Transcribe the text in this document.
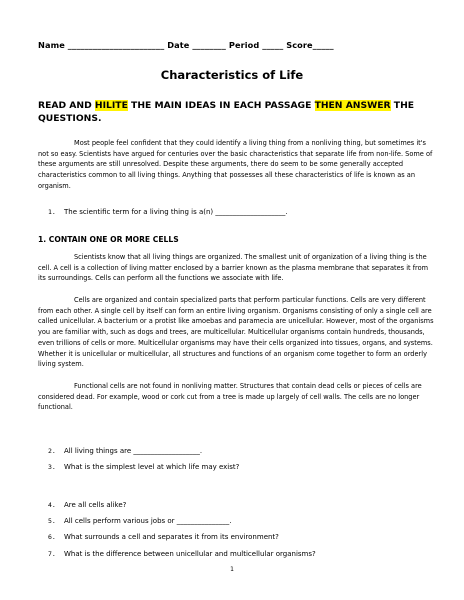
Name _______________________ Date ________ Period _____ Score_____
Characteristics of Life
READ AND HILITE THE MAIN IDEAS IN EACH PASSAGE THEN ANSWER THE QUESTIONS.
Most people feel confident that they could identify a living thing from a nonliving thing, but sometimes it's not so easy. Scientists have argued for centuries over the basic characteristics that separate life from non-life. Some of these arguments are still unresolved. Despite these arguments, there do seem to be some generally accepted characteristics common to all living things. Anything that possesses all these characteristics of life is known as an organism.
1. The scientific term for a living thing is a(n) ____________________.
1. CONTAIN ONE OR MORE CELLS
Scientists know that all living things are organized. The smallest unit of organization of a living thing is the cell. A cell is a collection of living matter enclosed by a barrier known as the plasma membrane that separates it from its surroundings. Cells can perform all the functions we associate with life.
Cells are organized and contain specialized parts that perform particular functions. Cells are very different from each other. A single cell by itself can form an entire living organism. Organisms consisting of only a single cell are called unicellular. A bacterium or a protist like amoebas and paramecia are unicellular. However, most of the organisms you are familiar with, such as dogs and trees, are multicellular. Multicellular organisms contain hundreds, thousands, even trillions of cells or more. Multicellular organisms may have their cells organized into tissues, organs, and systems. Whether it is unicellular or multicellular, all structures and functions of an organism come together to form an orderly living system.
Functional cells are not found in nonliving matter. Structures that contain dead cells or pieces of cells are considered dead. For example, wood or cork cut from a tree is made up largely of cell walls. The cells are no longer functional.
2. All living things are ___________________.
3. What is the simplest level at which life may exist?
4. Are all cells alike?
5. All cells perform various jobs or _______________.
6. What surrounds a cell and separates it from its environment?
7. What is the difference between unicellular and multicellular organisms?
1
